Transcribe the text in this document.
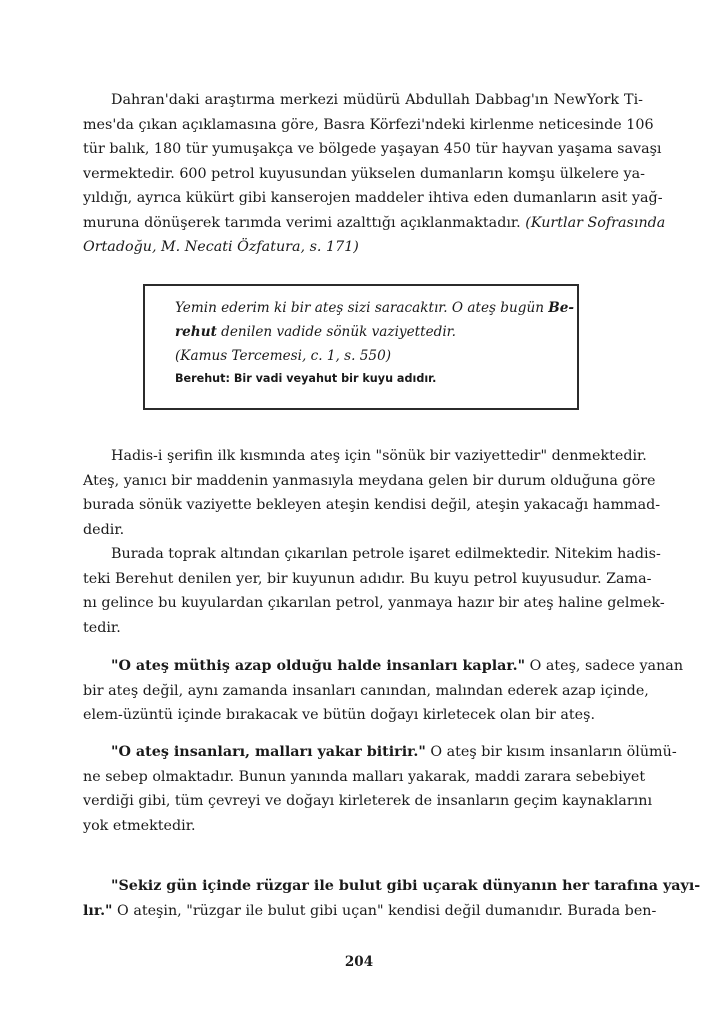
Dahran'daki araştırma merkezi müdürü Abdullah Dabbag'ın NewYork Ti-
mes'da çıkan açıklamasına göre, Basra Körfezi'ndeki kirlenme neticesinde 106
tür balık, 180 tür yumuşakça ve bölgede yaşayan 450 tür hayvan yaşama savaşı
vermektedir. 600 petrol kuyusundan yükselen dumanların komşu ülkelere ya-
yıldığı, ayrıca kükürt gibi kanserojen maddeler ihtiva eden dumanların asit yağ-
muruna dönüşerek tarımda verimi azalttığı açıklanmaktadır. (Kurtlar Sofrasında
Ortadoğu, M. Necati Özfatura, s. 171)
Yemin ederim ki bir ateş sizi saracaktır. O ateş bugün Be-
rehut denilen vadide sönük vaziyettedir.
(Kamus Tercemesi, c. 1, s. 550)
Berehut: Bir vadi veyahut bir kuyu adıdır.
Hadis-i şerifin ilk kısmında ateş için "sönük bir vaziyettedir" denmektedir.
Ateş, yanıcı bir maddenin yanmasıyla meydana gelen bir durum olduğuna göre
burada sönük vaziyette bekleyen ateşin kendisi değil, ateşin yakacağı hammad-
dedir.
Burada toprak altından çıkarılan petrole işaret edilmektedir. Nitekim hadis-
teki Berehut denilen yer, bir kuyunun adıdır. Bu kuyu petrol kuyusudur. Zama-
nı gelince bu kuyulardan çıkarılan petrol, yanmaya hazır bir ateş haline gelmek-
tedir.
"O ateş müthiş azap olduğu halde insanları kaplar." O ateş, sadece yanan
bir ateş değil, aynı zamanda insanları canından, malından ederek azap içinde,
elem-üzüntü içinde bırakacak ve bütün doğayı kirletecek olan bir ateş.
"O ateş insanları, malları yakar bitirir." O ateş bir kısım insanların ölümü-
ne sebep olmaktadır. Bunun yanında malları yakarak, maddi zarara sebebiyet
verdiği gibi, tüm çevreyi ve doğayı kirleterek de insanların geçim kaynaklarını
yok etmektedir.
"Sekiz gün içinde rüzgar ile bulut gibi uçarak dünyanın her tarafına yayı-
lır." O ateşin, "rüzgar ile bulut gibi uçan" kendisi değil dumanıdır. Burada ben-
204
